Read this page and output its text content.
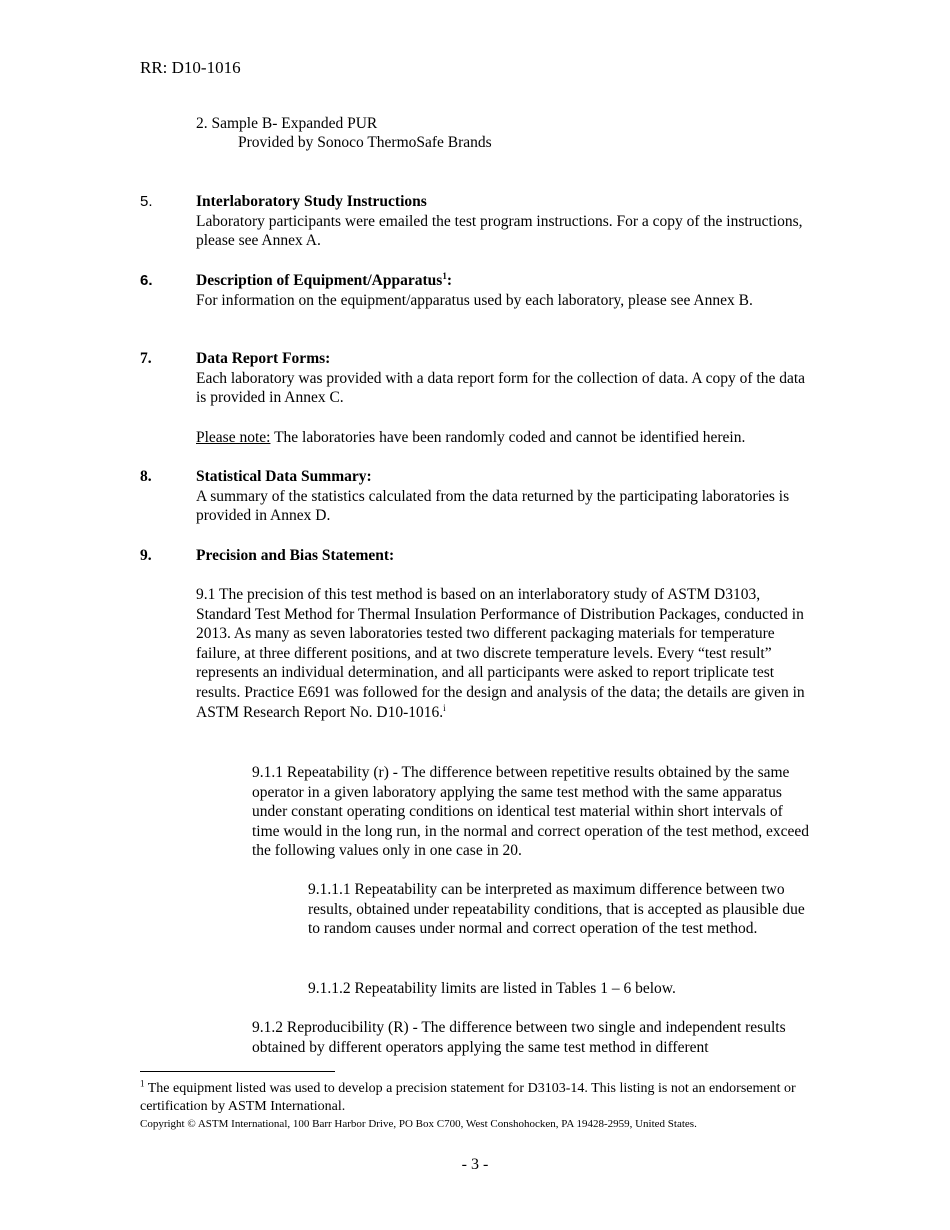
RR: D10-1016
2. Sample B- Expanded PUR
Provided by Sonoco ThermoSafe Brands
5.	Interlaboratory Study Instructions
Laboratory participants were emailed the test program instructions. For a copy of the instructions, please see Annex A.
6.	Description of Equipment/Apparatus$^1$:
For information on the equipment/apparatus used by each laboratory, please see Annex B.
7.	Data Report Forms:
Each laboratory was provided with a data report form for the collection of data. A copy of the data is provided in Annex C.
Please note: The laboratories have been randomly coded and cannot be identified herein.
8.	Statistical Data Summary:
A summary of the statistics calculated from the data returned by the participating laboratories is provided in Annex D.
9.	Precision and Bias Statement:
9.1 The precision of this test method is based on an interlaboratory study of ASTM D3103, Standard Test Method for Thermal Insulation Performance of Distribution Packages, conducted in 2013. As many as seven laboratories tested two different packaging materials for temperature failure, at three different positions, and at two discrete temperature levels. Every “test result” represents an individual determination, and all participants were asked to report triplicate test results. Practice E691 was followed for the design and analysis of the data; the details are given in ASTM Research Report No. D10-1016.$^i$
9.1.1 Repeatability (r) - The difference between repetitive results obtained by the same operator in a given laboratory applying the same test method with the same apparatus under constant operating conditions on identical test material within short intervals of time would in the long run, in the normal and correct operation of the test method, exceed the following values only in one case in 20.
9.1.1.1 Repeatability can be interpreted as maximum difference between two results, obtained under repeatability conditions, that is accepted as plausible due to random causes under normal and correct operation of the test method.
9.1.1.2 Repeatability limits are listed in Tables 1 – 6 below.
9.1.2 Reproducibility (R) - The difference between two single and independent results obtained by different operators applying the same test method in different
$^1$ The equipment listed was used to develop a precision statement for D3103-14. This listing is not an endorsement or certification by ASTM International.
Copyright © ASTM International, 100 Barr Harbor Drive, PO Box C700, West Conshohocken, PA 19428-2959, United States.
- 3 -
